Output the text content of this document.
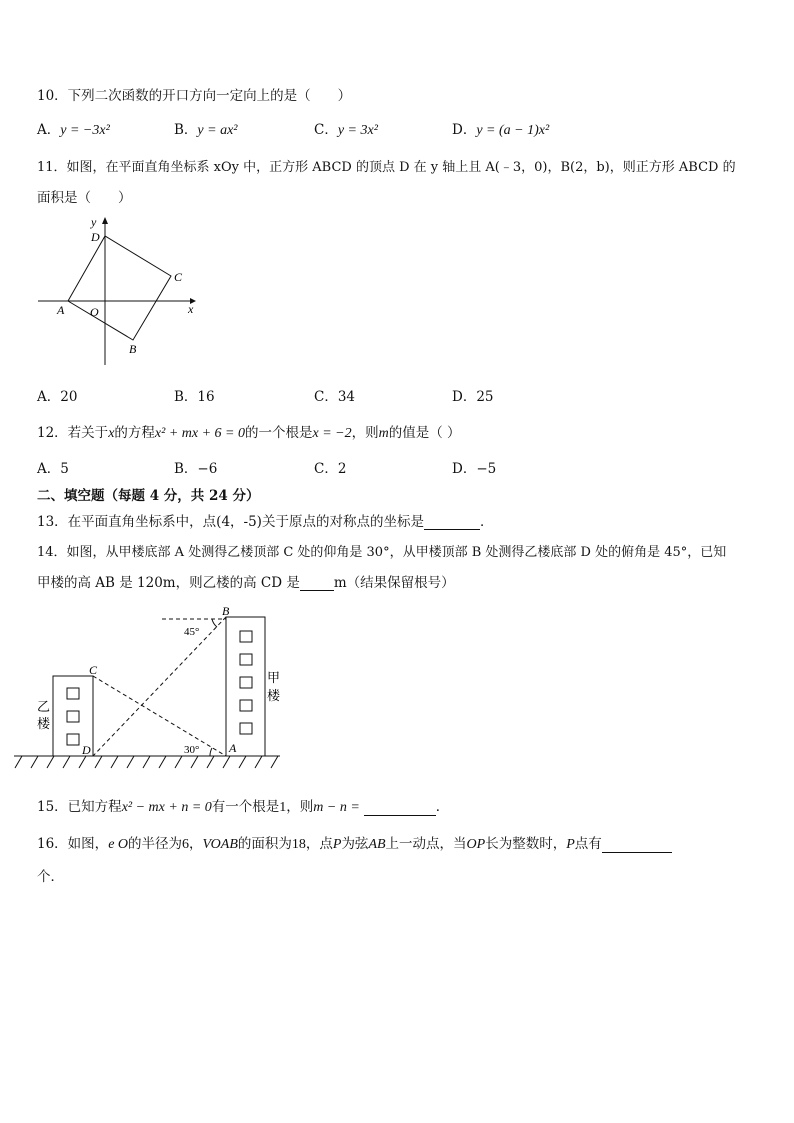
10．下列二次函数的开口方向一定向上的是（　　）
A．y = −3x²	B．y = ax²	C．y = 3x²	D．y = (a − 1)x²
11．如图，在平面直角坐标系 xOy 中，正方形 ABCD 的顶点 D 在 y 轴上且 A(﹣3，0)，B(2，b)，则正方形 ABCD 的
面积是（　　）
y
x
D
C
A O
B
A．20	B．16	C．34	D．25
12．若关于x的方程x² + mx + 6 = 0的一个根是x = −2，则m的值是（ ）
A．5	B．−6	C．2	D．−5
二、填空题（每题 4 分，共 24 分）
13．在平面直角坐标系中，点(4，-5)关于原点的对称点的坐标是	．
14．如图，从甲楼底部 A 处测得乙楼顶部 C 处的仰角是 30°，从甲楼顶部 B 处测得乙楼底部 D 处的俯角是 45°，已知
甲楼的高 AB 是 120m，则乙楼的高 CD 是	m（结果保留根号）
B
C
D	A
45°
30°
乙
楼
甲
楼
15．已知方程x² − mx + n = 0有一个根是1，则m − n =	．
16．如图，e O的半径为6，VOAB的面积为18，点P为弦AB上一动点，当OP长为整数时，P点有
个．
